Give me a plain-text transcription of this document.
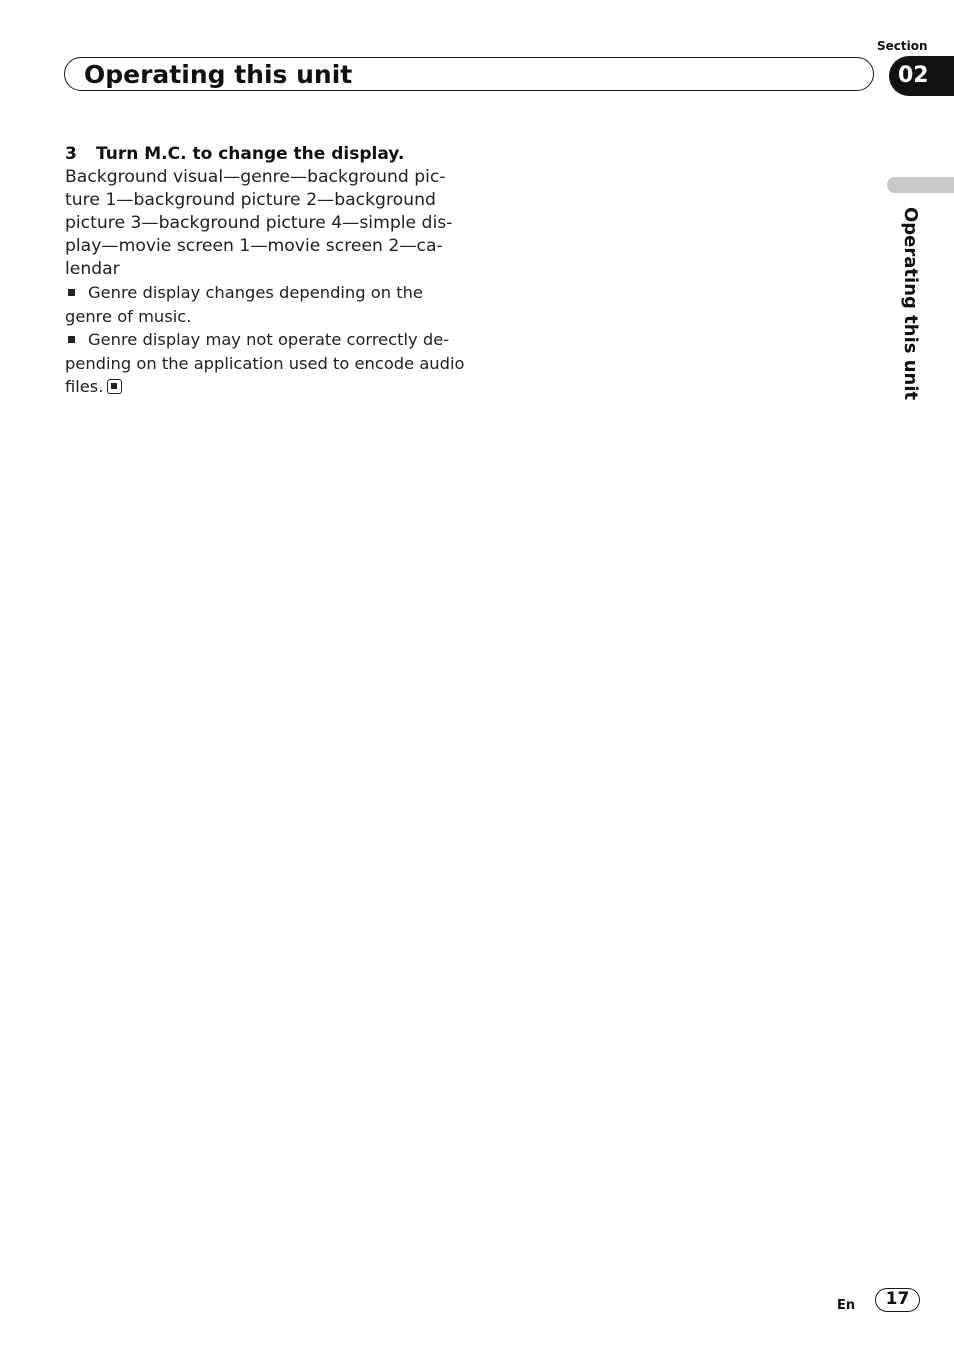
Operating this unit
Section
02
Operating this unit
3 Turn M.C. to change the display.

Background visual—genre—background pic-
ture 1—background picture 2—background
picture 3—background picture 4—simple dis-
play—movie screen 1—movie screen 2—ca-
lendar

Genre display changes depending on the
genre of music.

Genre display may not operate correctly de-
pending on the application used to encode audio
files.

En	17
